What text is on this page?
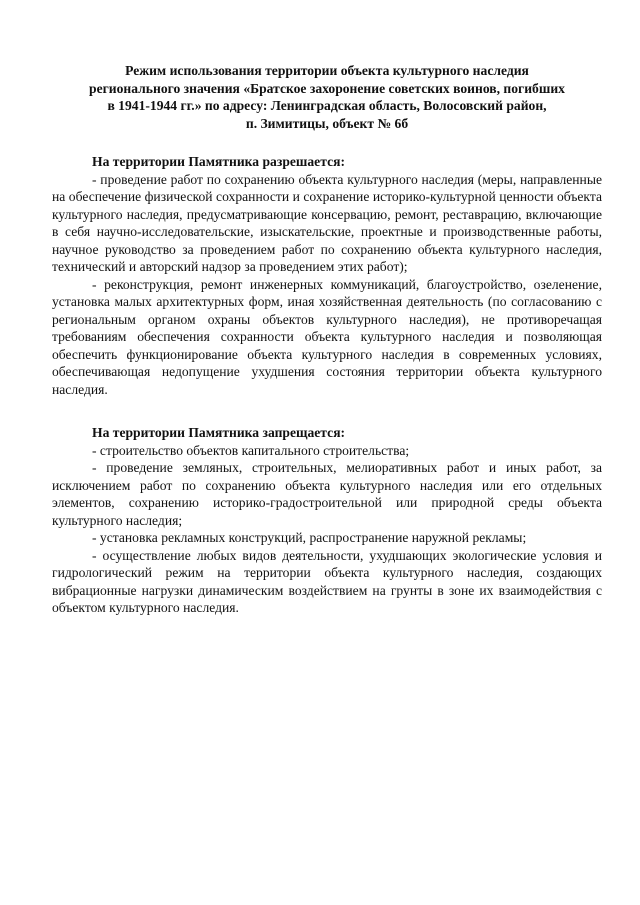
Режим использования территории объекта культурного наследия
регионального значения «Братское захоронение советских воинов, погибших
в 1941-1944 гг.» по адресу: Ленинградская область, Волосовский район,
п. Зимитицы, объект № 6б

На территории Памятника разрешается:

- проведение работ по сохранению объекта культурного наследия (меры, направленные на обеспечение физической сохранности и сохранение историко-культурной ценности объекта культурного наследия, предусматривающие консервацию, ремонт, реставрацию, включающие в себя научно-исследовательские, изыскательские, проектные и производственные работы, научное руководство за проведением работ по сохранению объекта культурного наследия, технический и авторский надзор за проведением этих работ);

- реконструкция, ремонт инженерных коммуникаций, благоустройство, озеленение, установка малых архитектурных форм, иная хозяйственная деятельность (по согласованию с региональным органом охраны объектов культурного наследия), не противоречащая требованиям обеспечения сохранности объекта культурного наследия и позволяющая обеспечить функционирование объекта культурного наследия в современных условиях, обеспечивающая недопущение ухудшения состояния территории объекта культурного наследия.

На территории Памятника запрещается:

- строительство объектов капитального строительства;

- проведение земляных, строительных, мелиоративных работ и иных работ, за исключением работ по сохранению объекта культурного наследия или его отдельных элементов, сохранению историко-градостроительной или природной среды объекта культурного наследия;

- установка рекламных конструкций, распространение наружной рекламы;

- осуществление любых видов деятельности, ухудшающих экологические условия и гидрологический режим на территории объекта культурного наследия, создающих вибрационные нагрузки динамическим воздействием на грунты в зоне их взаимодействия с объектом культурного наследия.
